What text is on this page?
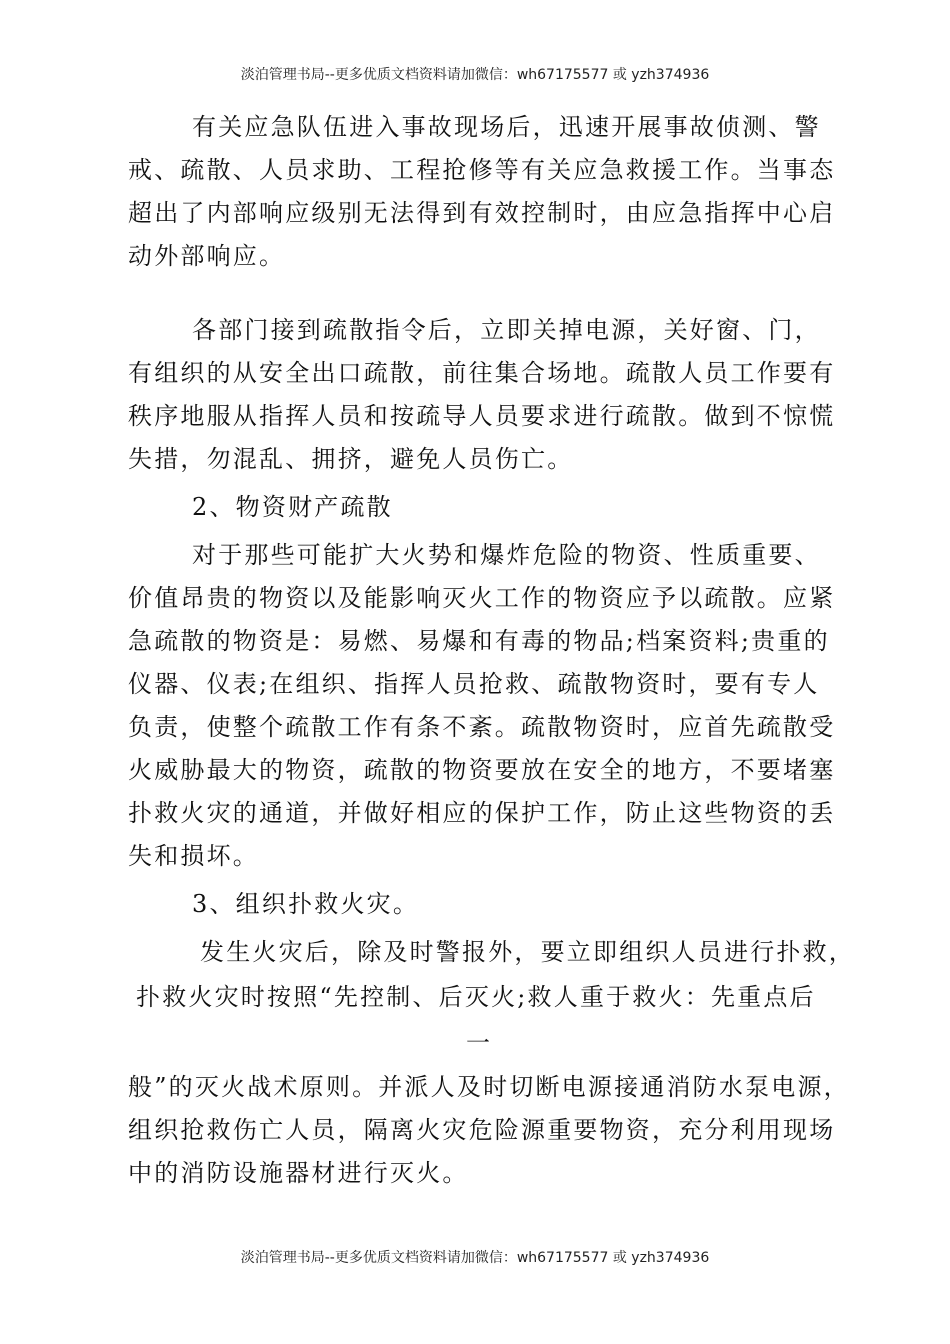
淡泊管理书局--更多优质文档资料请加微信：wh67175577 或 yzh374936
有关应急队伍进入事故现场后，迅速开展事故侦测、警
戒、疏散、人员求助、工程抢修等有关应急救援工作。当事态
超出了内部响应级别无法得到有效控制时，由应急指挥中心启
动外部响应。
各部门接到疏散指令后，立即关掉电源，关好窗、门，
有组织的从安全出口疏散，前往集合场地。疏散人员工作要有
秩序地服从指挥人员和按疏导人员要求进行疏散。做到不惊慌
失措，勿混乱、拥挤，避免人员伤亡。
2、物资财产疏散
对于那些可能扩大火势和爆炸危险的物资、性质重要、
价值昂贵的物资以及能影响灭火工作的物资应予以疏散。应紧
急疏散的物资是：易燃、易爆和有毒的物品;档案资料;贵重的
仪器、仪表;在组织、指挥人员抢救、疏散物资时，要有专人
负责，使整个疏散工作有条不紊。疏散物资时，应首先疏散受
火威胁最大的物资，疏散的物资要放在安全的地方，不要堵塞
扑救火灾的通道，并做好相应的保护工作，防止这些物资的丢
失和损坏。
3、组织扑救火灾。
发生火灾后，除及时警报外，要立即组织人员进行扑救，
扑救火灾时按照“先控制、后灭火;救人重于救火：先重点后
一
般”的灭火战术原则。并派人及时切断电源接通消防水泵电源，
组织抢救伤亡人员，隔离火灾危险源重要物资，充分利用现场
中的消防设施器材进行灭火。
淡泊管理书局--更多优质文档资料请加微信：wh67175577 或 yzh374936
